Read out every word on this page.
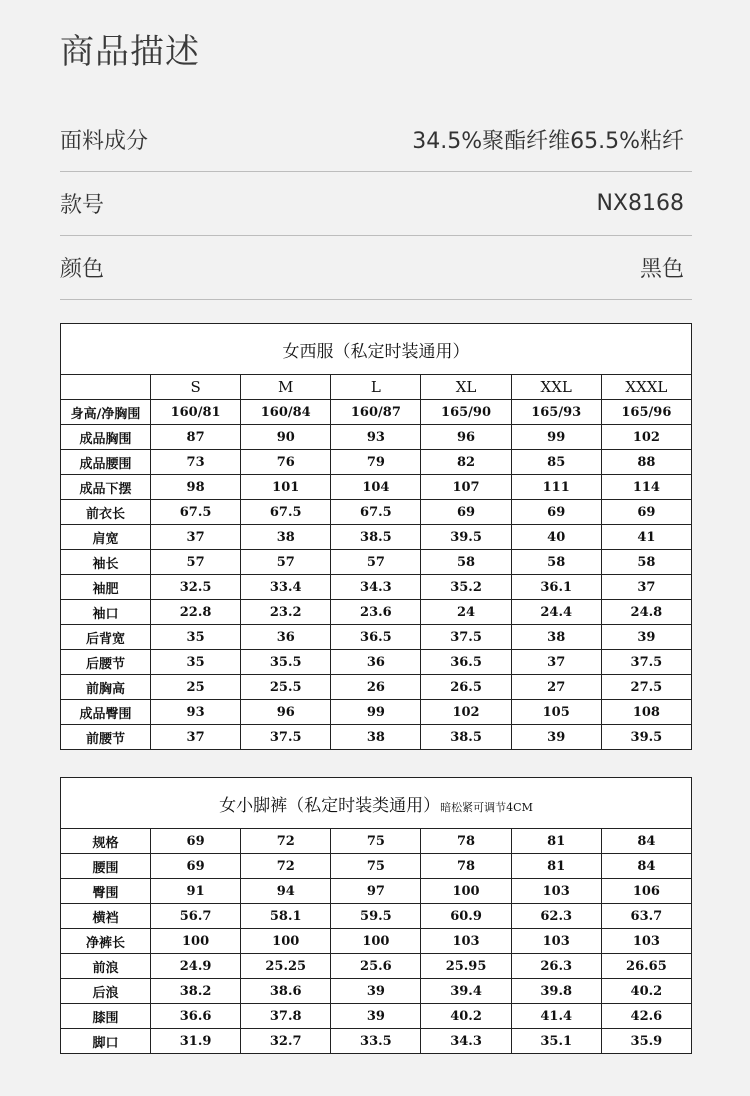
商品描述
面料成分	34.5%聚酯纤维65.5%粘纤
款号	NX8168
颜色	黑色
女西服（私定时装通用）						
	S	M	L	XL	XXL	XXXL
身高/净胸围	160/81	160/84	160/87	165/90	165/93	165/96
成品胸围	87	90	93	96	99	102
成品腰围	73	76	79	82	85	88
成品下摆	98	101	104	107	111	114
前衣长	67.5	67.5	67.5	69	69	69
肩宽	37	38	38.5	39.5	40	41
袖长	57	57	57	58	58	58
袖肥	32.5	33.4	34.3	35.2	36.1	37
袖口	22.8	23.2	23.6	24	24.4	24.8
后背宽	35	36	36.5	37.5	38	39
后腰节	35	35.5	36	36.5	37	37.5
前胸高	25	25.5	26	26.5	27	27.5
成品臀围	93	96	99	102	105	108
前腰节	37	37.5	38	38.5	39	39.5
女小脚裤（私定时装类通用）暗松紧可调节4CM						
规格	69	72	75	78	81	84
腰围	69	72	75	78	81	84
臀围	91	94	97	100	103	106
横裆	56.7	58.1	59.5	60.9	62.3	63.7
净裤长	100	100	100	103	103	103
前浪	24.9	25.25	25.6	25.95	26.3	26.65
后浪	38.2	38.6	39	39.4	39.8	40.2
膝围	36.6	37.8	39	40.2	41.4	42.6
脚口	31.9	32.7	33.5	34.3	35.1	35.9
